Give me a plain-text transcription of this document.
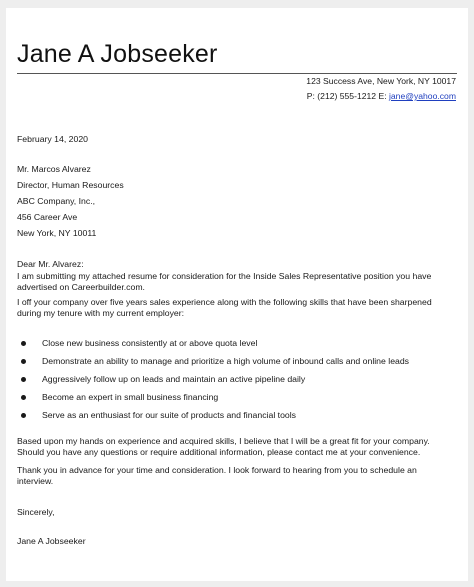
Jane A Jobseeker
123 Success Ave, New York, NY 10017
P: (212) 555-1212 E: jane@yahoo.com
February 14, 2020
Mr. Marcos Alvarez
Director, Human Resources
ABC Company, Inc.,
456 Career Ave
New York, NY 10011
Dear Mr. Alvarez:
I am submitting my attached resume for consideration for the Inside Sales Representative position you have
advertised on Careerbuilder.com.
I off your company over five years sales experience along with the following skills that have been sharpened
during my tenure with my current employer:
Close new business consistently at or above quota level
Demonstrate an ability to manage and prioritize a high volume of inbound calls and online leads
Aggressively follow up on leads and maintain an active pipeline daily
Become an expert in small business financing
Serve as an enthusiast for our suite of products and financial tools
Based upon my hands on experience and acquired skills, I believe that I will be a great fit for your company.
Should you have any questions or require additional information, please contact me at your convenience.
Thank you in advance for your time and consideration. I look forward to hearing from you to schedule an
interview.
Sincerely,
Jane A Jobseeker
